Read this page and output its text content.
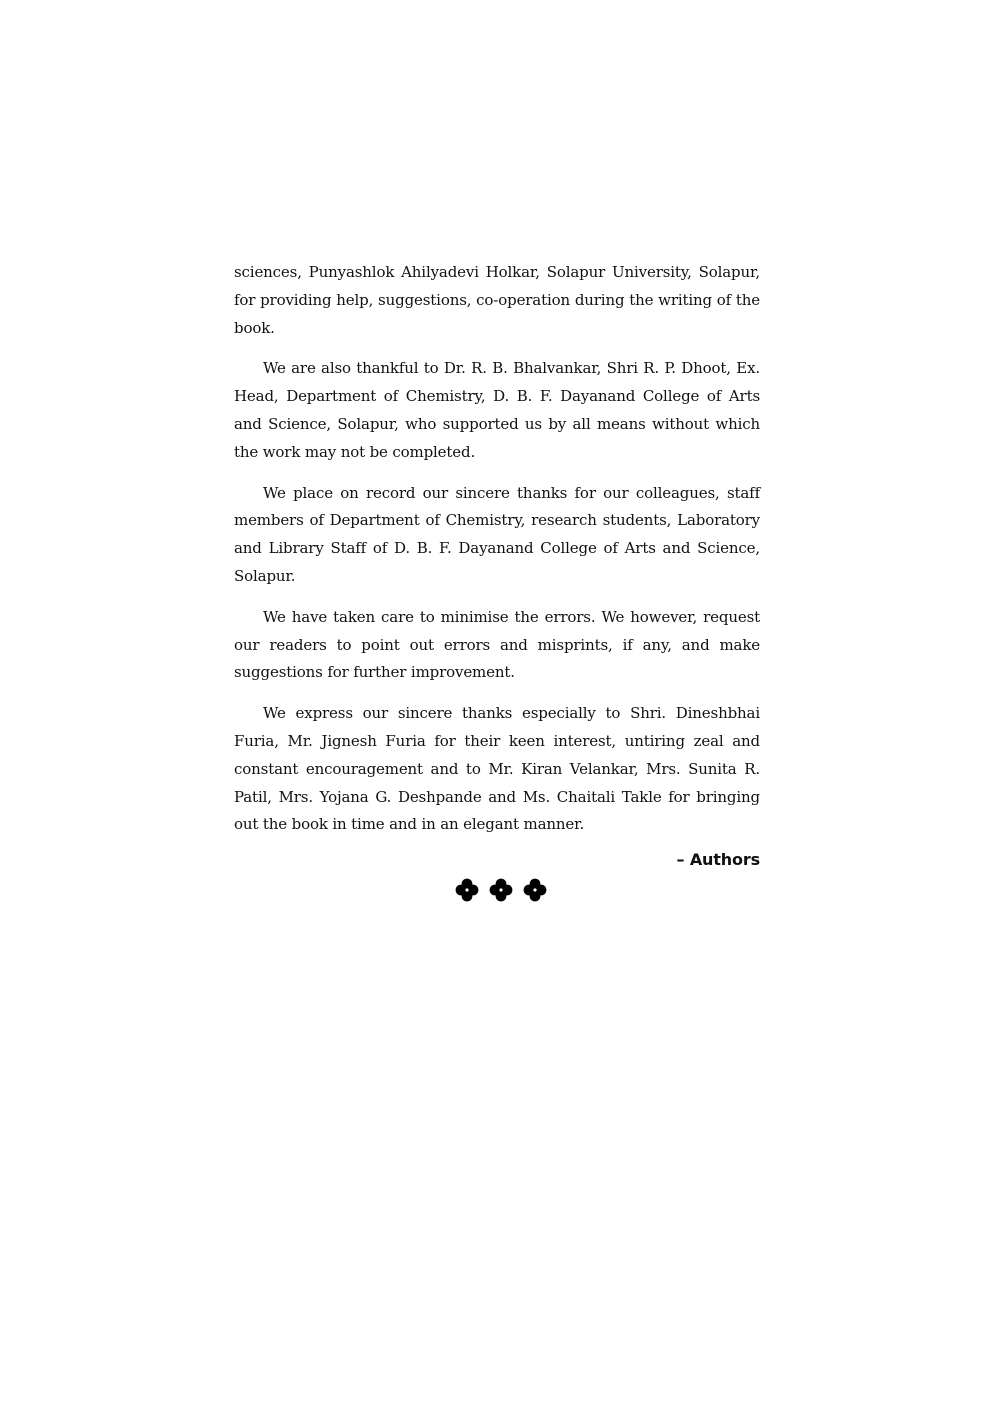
sciences, Punyashlok Ahilyadevi Holkar, Solapur University, Solapur, for providing help, suggestions, co-operation during the writing of the book.

We are also thankful to Dr. R. B. Bhalvankar, Shri R. P. Dhoot, Ex. Head, Department of Chemistry, D. B. F. Dayanand College of Arts and Science, Solapur, who supported us by all means without which the work may not be completed.

We place on record our sincere thanks for our colleagues, staff members of Department of Chemistry, research students, Laboratory and Library Staff of D. B. F. Dayanand College of Arts and Science, Solapur.

We have taken care to minimise the errors. We however, request our readers to point out errors and misprints, if any, and make suggestions for further improvement.

We express our sincere thanks especially to Shri. Dineshbhai Furia, Mr. Jignesh Furia for their keen interest, untiring zeal and constant encouragement and to Mr. Kiran Velankar, Mrs. Sunita R. Patil, Mrs. Yojana G. Deshpande and Ms. Chaitali Takle for bringing out the book in time and in an elegant manner.

– Authors
